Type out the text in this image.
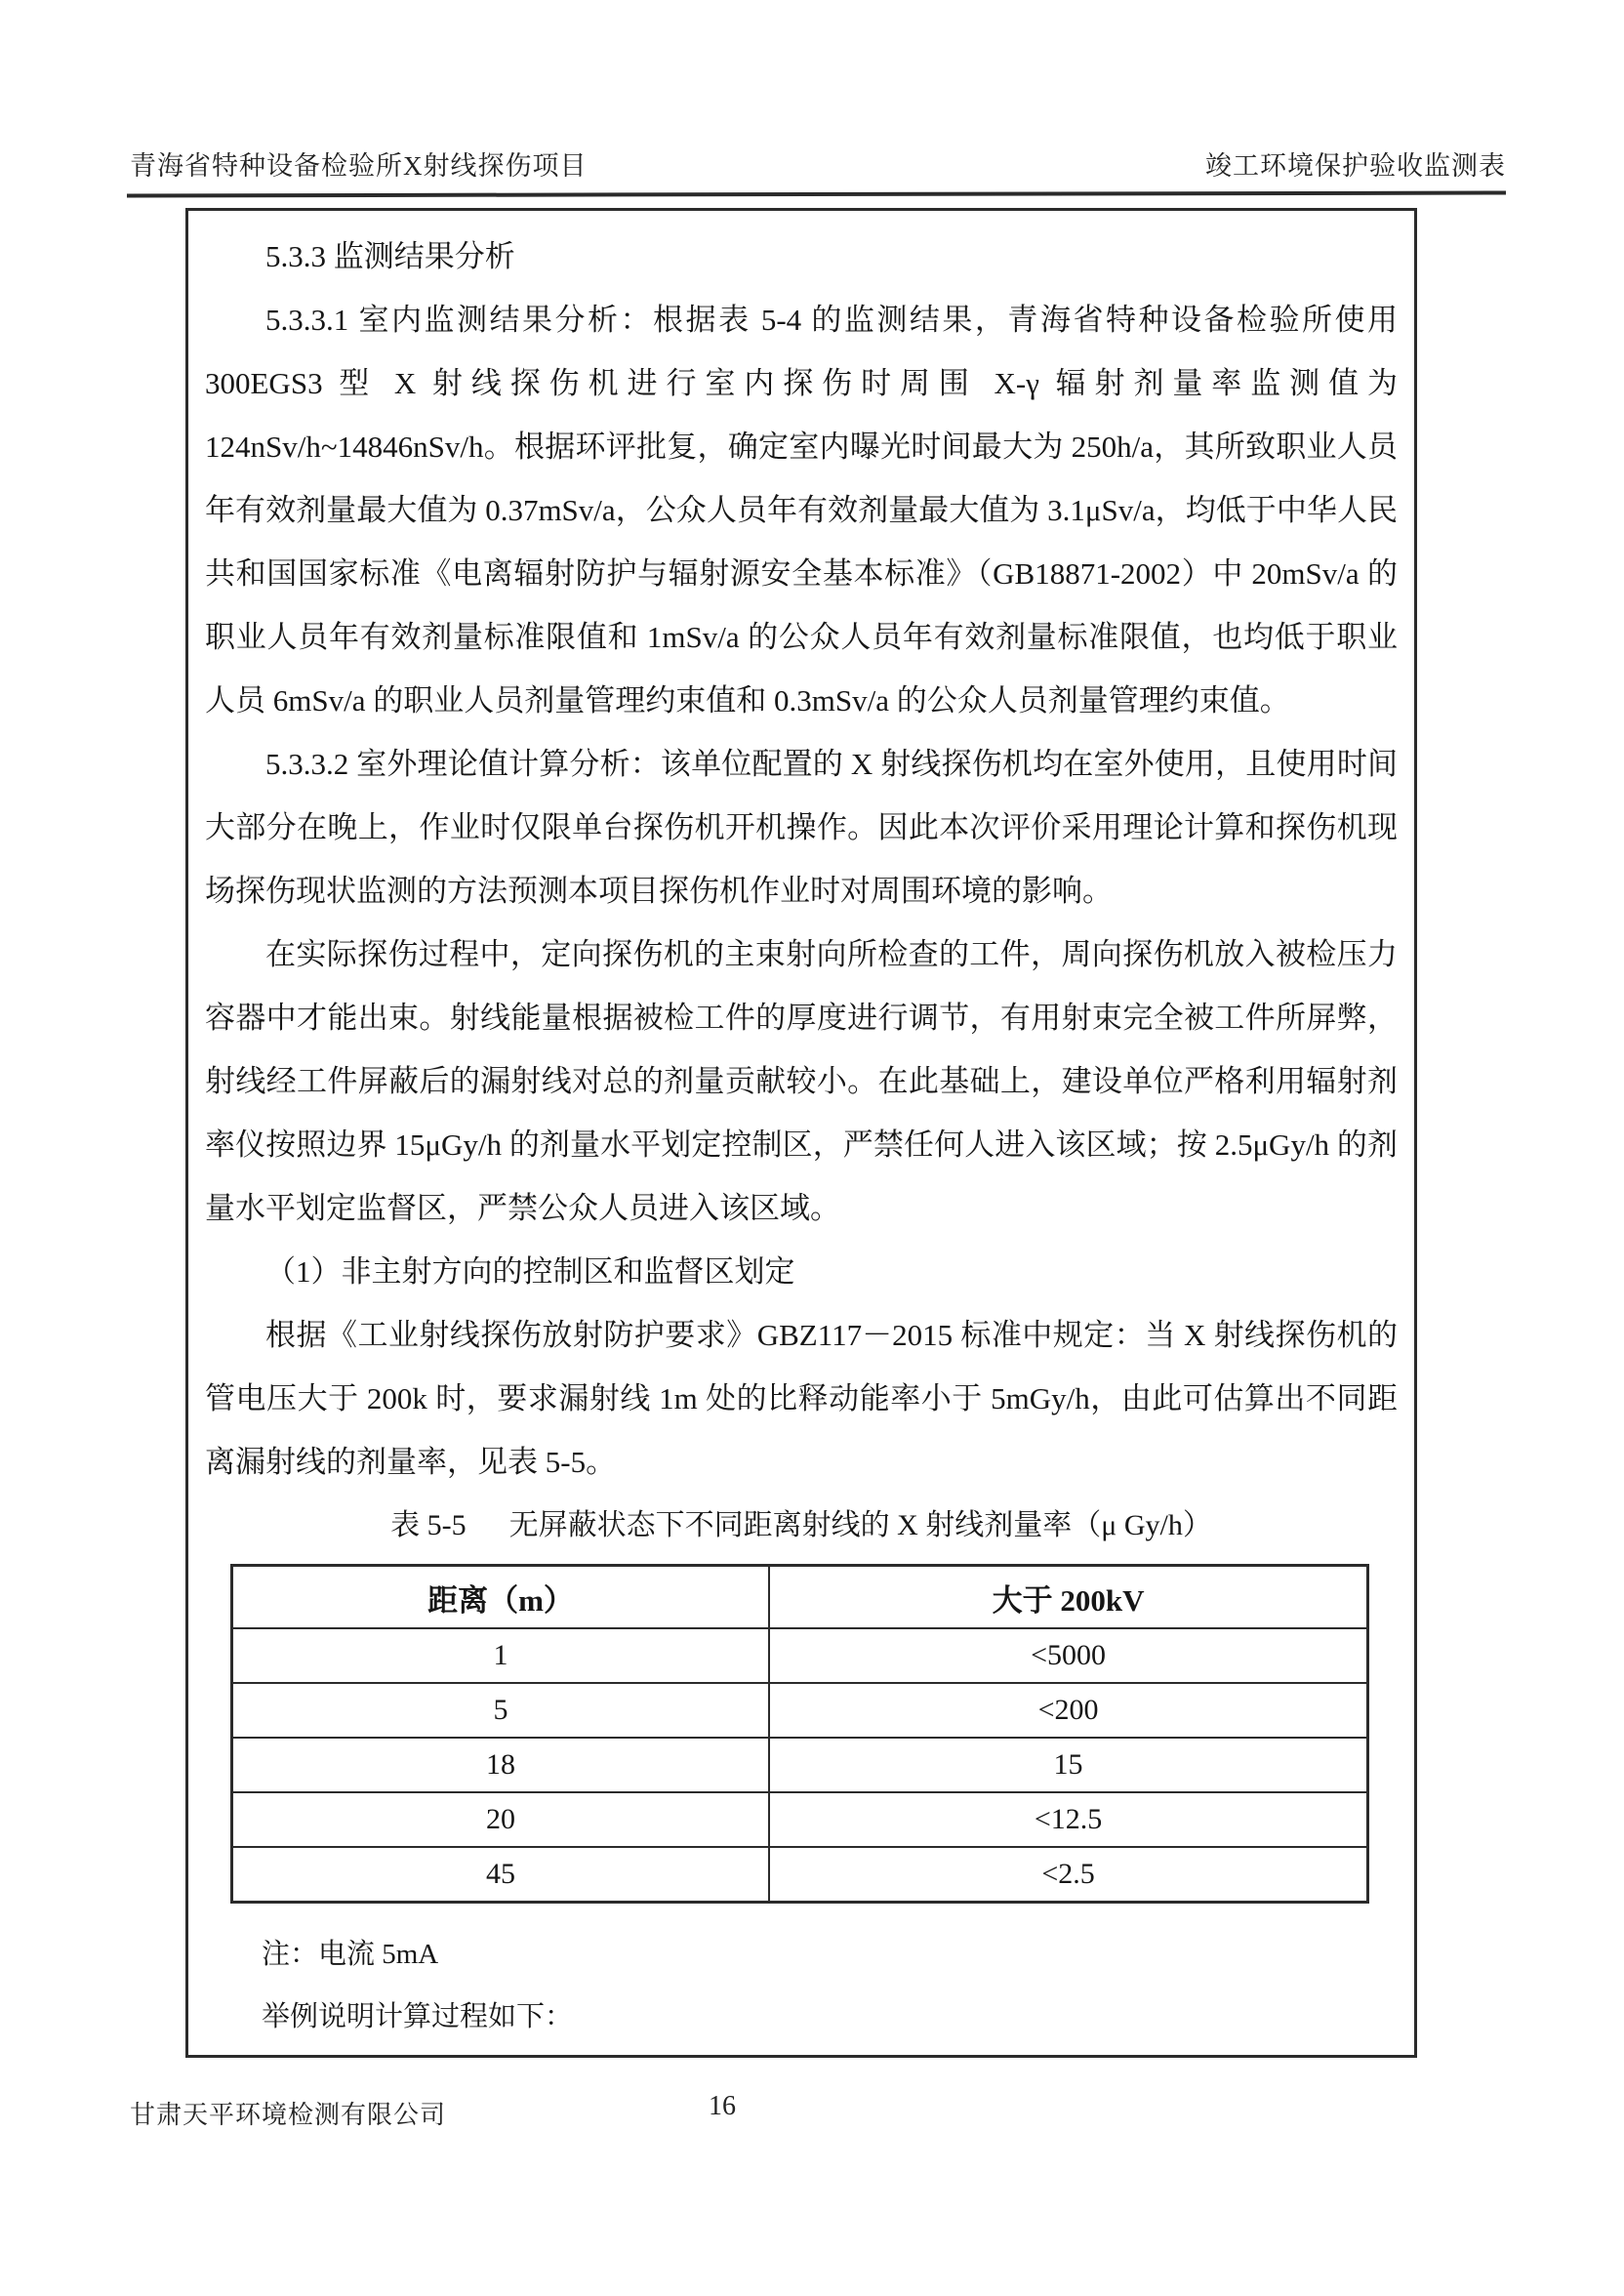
青海省特种设备检验所X射线探伤项目	竣工环境保护验收监测表

5.3.3 监测结果分析

5.3.3.1 室内监测结果分析：根据表 5-4 的监测结果，青海省特种设备检验所使用 300EGS3 型 X 射线探伤机进行室内探伤时周围 X-γ 辐射剂量率监测值为 124nSv/h~14846nSv/h。根据环评批复，确定室内曝光时间最大为 250h/a，其所致职业人员年有效剂量最大值为 0.37mSv/a，公众人员年有效剂量最大值为 3.1μSv/a，均低于中华人民共和国国家标准《电离辐射防护与辐射源安全基本标准》（GB18871-2002）中 20mSv/a 的职业人员年有效剂量标准限值和 1mSv/a 的公众人员年有效剂量标准限值，也均低于职业人员 6mSv/a 的职业人员剂量管理约束值和 0.3mSv/a 的公众人员剂量管理约束值。

5.3.3.2 室外理论值计算分析：该单位配置的 X 射线探伤机均在室外使用，且使用时间大部分在晚上，作业时仅限单台探伤机开机操作。因此本次评价采用理论计算和探伤机现场探伤现状监测的方法预测本项目探伤机作业时对周围环境的影响。

在实际探伤过程中，定向探伤机的主束射向所检查的工件，周向探伤机放入被检压力容器中才能出束。射线能量根据被检工件的厚度进行调节，有用射束完全被工件所屏弊，射线经工件屏蔽后的漏射线对总的剂量贡献较小。在此基础上，建设单位严格利用辐射剂率仪按照边界 15μGy/h 的剂量水平划定控制区，严禁任何人进入该区域；按 2.5μGy/h 的剂量水平划定监督区，严禁公众人员进入该区域。

（1）非主射方向的控制区和监督区划定

根据《工业射线探伤放射防护要求》GBZ117－2015 标准中规定：当 X 射线探伤机的管电压大于 200k 时，要求漏射线 1m 处的比释动能率小于 5mGy/h，由此可估算出不同距离漏射线的剂量率，见表 5-5。

表 5-5 无屏蔽状态下不同距离射线的 X 射线剂量率（μ Gy/h）

距离（m）	大于 200kV
1	<5000
5	<200
18	15
20	<12.5
45	<2.5

注：电流 5mA

举例说明计算过程如下：

甘肃天平环境检测有限公司	16
